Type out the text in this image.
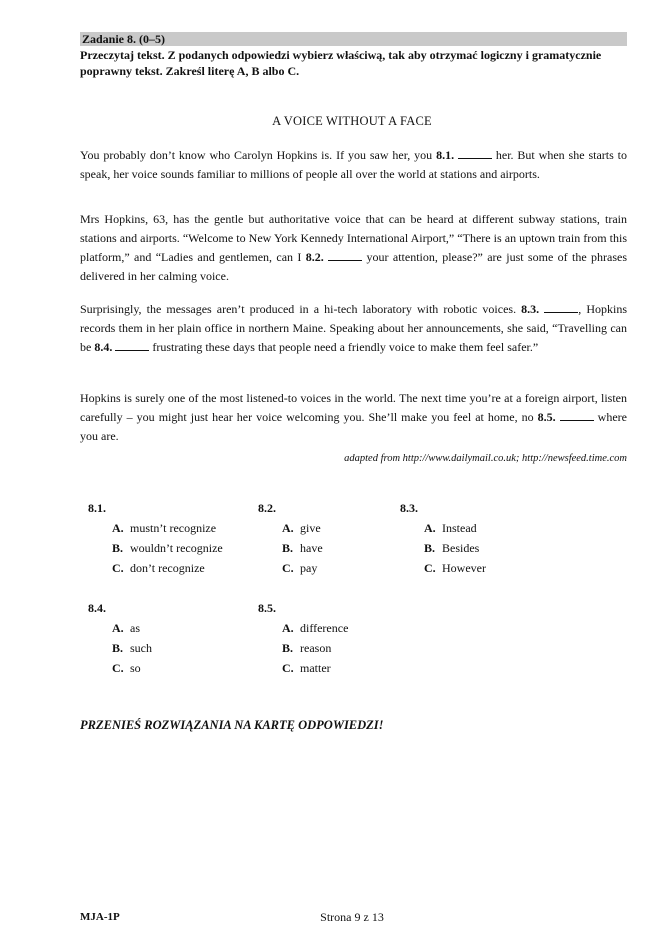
Zadanie 8. (0–5)

Przeczytaj tekst. Z podanych odpowiedzi wybierz właściwą, tak aby otrzymać logiczny i gramatycznie poprawny tekst. Zakreśl literę A, B albo C.

A VOICE WITHOUT A FACE

You probably don’t know who Carolyn Hopkins is. If you saw her, you 8.1.	her. But when she starts to speak, her voice sounds familiar to millions of people all over the world at stations and airports.

Mrs Hopkins, 63, has the gentle but authoritative voice that can be heard at different subway stations, train stations and airports. “Welcome to New York Kennedy International Airport,” “There is an uptown train from this platform,” and “Ladies and gentlemen, can I 8.2.	your attention, please?” are just some of the phrases delivered in her calming voice.

Surprisingly, the messages aren’t produced in a hi-tech laboratory with robotic voices. 8.3.	, Hopkins records them in her plain office in northern Maine. Speaking about her announcements, she said, “Travelling can be 8.4.	frustrating these days that people need a friendly voice to make them feel safer.”

Hopkins is surely one of the most listened-to voices in the world. The next time you’re at a foreign airport, listen carefully – you might just hear her voice welcoming you. She’ll make you feel at home, no 8.5.	where you are.

adapted from http://www.dailymail.co.uk; http://newsfeed.time.com

8.1.
A. mustn’t recognize
B. wouldn’t recognize
C. don’t recognize
8.2.
A. give
B. have
C. pay
8.3.
A. Instead
B. Besides
C. However
8.4.
A. as
B. such
C. so
8.5.
A. difference
B. reason
C. matter

PRZENIEŚ ROZWIĄZANIA NA KARTĘ ODPOWIEDZI!

MJA-1P	Strona 9 z 13
